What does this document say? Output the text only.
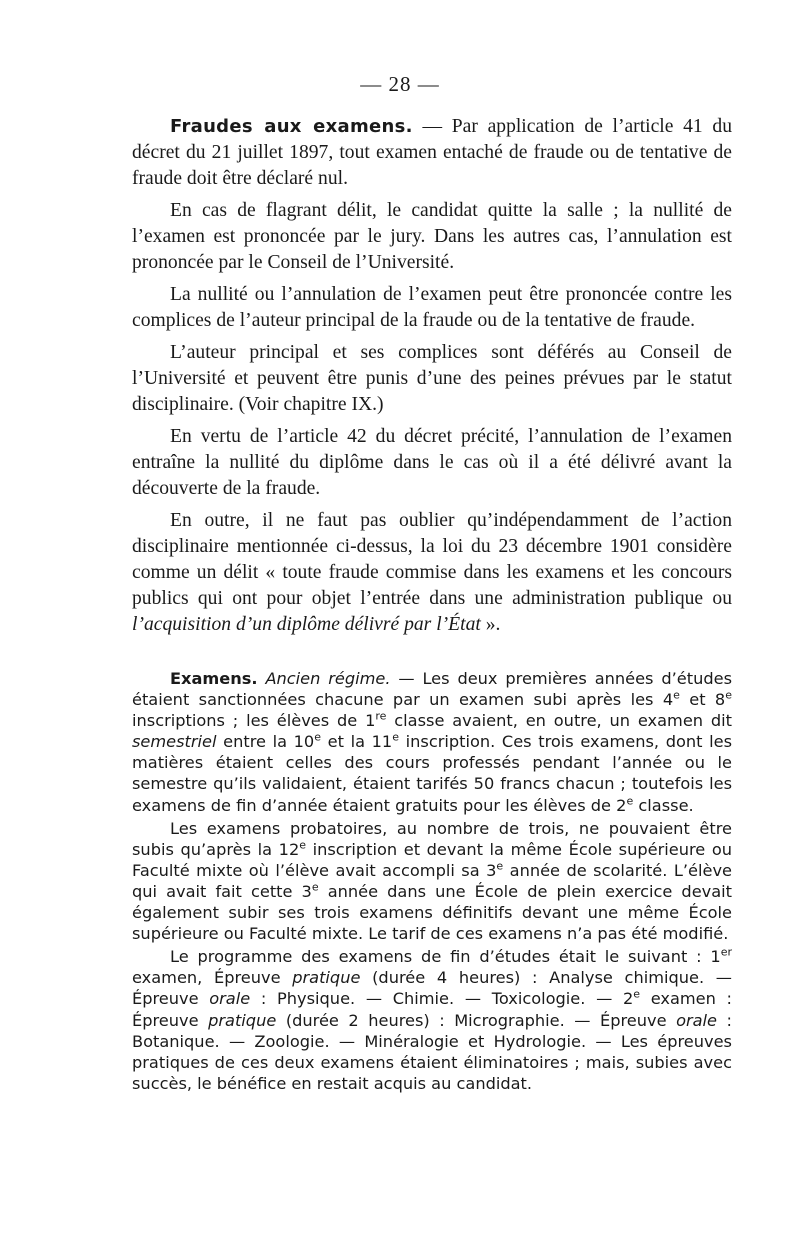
— 28 —

Fraudes aux examens. — Par application de l’article 41 du décret du 21 juillet 1897, tout examen entaché de fraude ou de tentative de fraude doit être déclaré nul.

En cas de flagrant délit, le candidat quitte la salle ; la nullité de l’examen est prononcée par le jury. Dans les autres cas, l’annulation est prononcée par le Conseil de l’Université.

La nullité ou l’annulation de l’examen peut être prononcée contre les complices de l’auteur principal de la fraude ou de la tentative de fraude.

L’auteur principal et ses complices sont déférés au Conseil de l’Université et peuvent être punis d’une des peines prévues par le statut disciplinaire. (Voir chapitre IX.)

En vertu de l’article 42 du décret précité, l’annulation de l’examen entraîne la nullité du diplôme dans le cas où il a été délivré avant la découverte de la fraude.

En outre, il ne faut pas oublier qu’indépendamment de l’action disciplinaire mentionnée ci-dessus, la loi du 23 décembre 1901 considère comme un délit « toute fraude commise dans les examens et les concours publics qui ont pour objet l’entrée dans une administration publique ou l’acquisition d’un diplôme délivré par l’État ».

Examens. Ancien régime. — Les deux premières années d’études étaient sanctionnées chacune par un examen subi après les 4e et 8e inscriptions ; les élèves de 1re classe avaient, en outre, un examen dit semestriel entre la 10e et la 11e inscription. Ces trois examens, dont les matières étaient celles des cours professés pendant l’année ou le semestre qu’ils validaient, étaient tarifés 50 francs chacun ; toutefois les examens de fin d’année étaient gratuits pour les élèves de 2e classe.

Les examens probatoires, au nombre de trois, ne pouvaient être subis qu’après la 12e inscription et devant la même École supérieure ou Faculté mixte où l’élève avait accompli sa 3e année de scolarité. L’élève qui avait fait cette 3e année dans une École de plein exercice devait également subir ses trois examens définitifs devant une même École supérieure ou Faculté mixte. Le tarif de ces examens n’a pas été modifié.

Le programme des examens de fin d’études était le suivant : 1er examen, Épreuve pratique (durée 4 heures) : Analyse chimique. — Épreuve orale : Physique. — Chimie. — Toxicologie. — 2e examen : Épreuve pratique (durée 2 heures) : Micrographie. — Épreuve orale : Botanique. — Zoologie. — Minéralogie et Hydrologie. — Les épreuves pratiques de ces deux examens étaient éliminatoires ; mais, subies avec succès, le bénéfice en restait acquis au candidat.
